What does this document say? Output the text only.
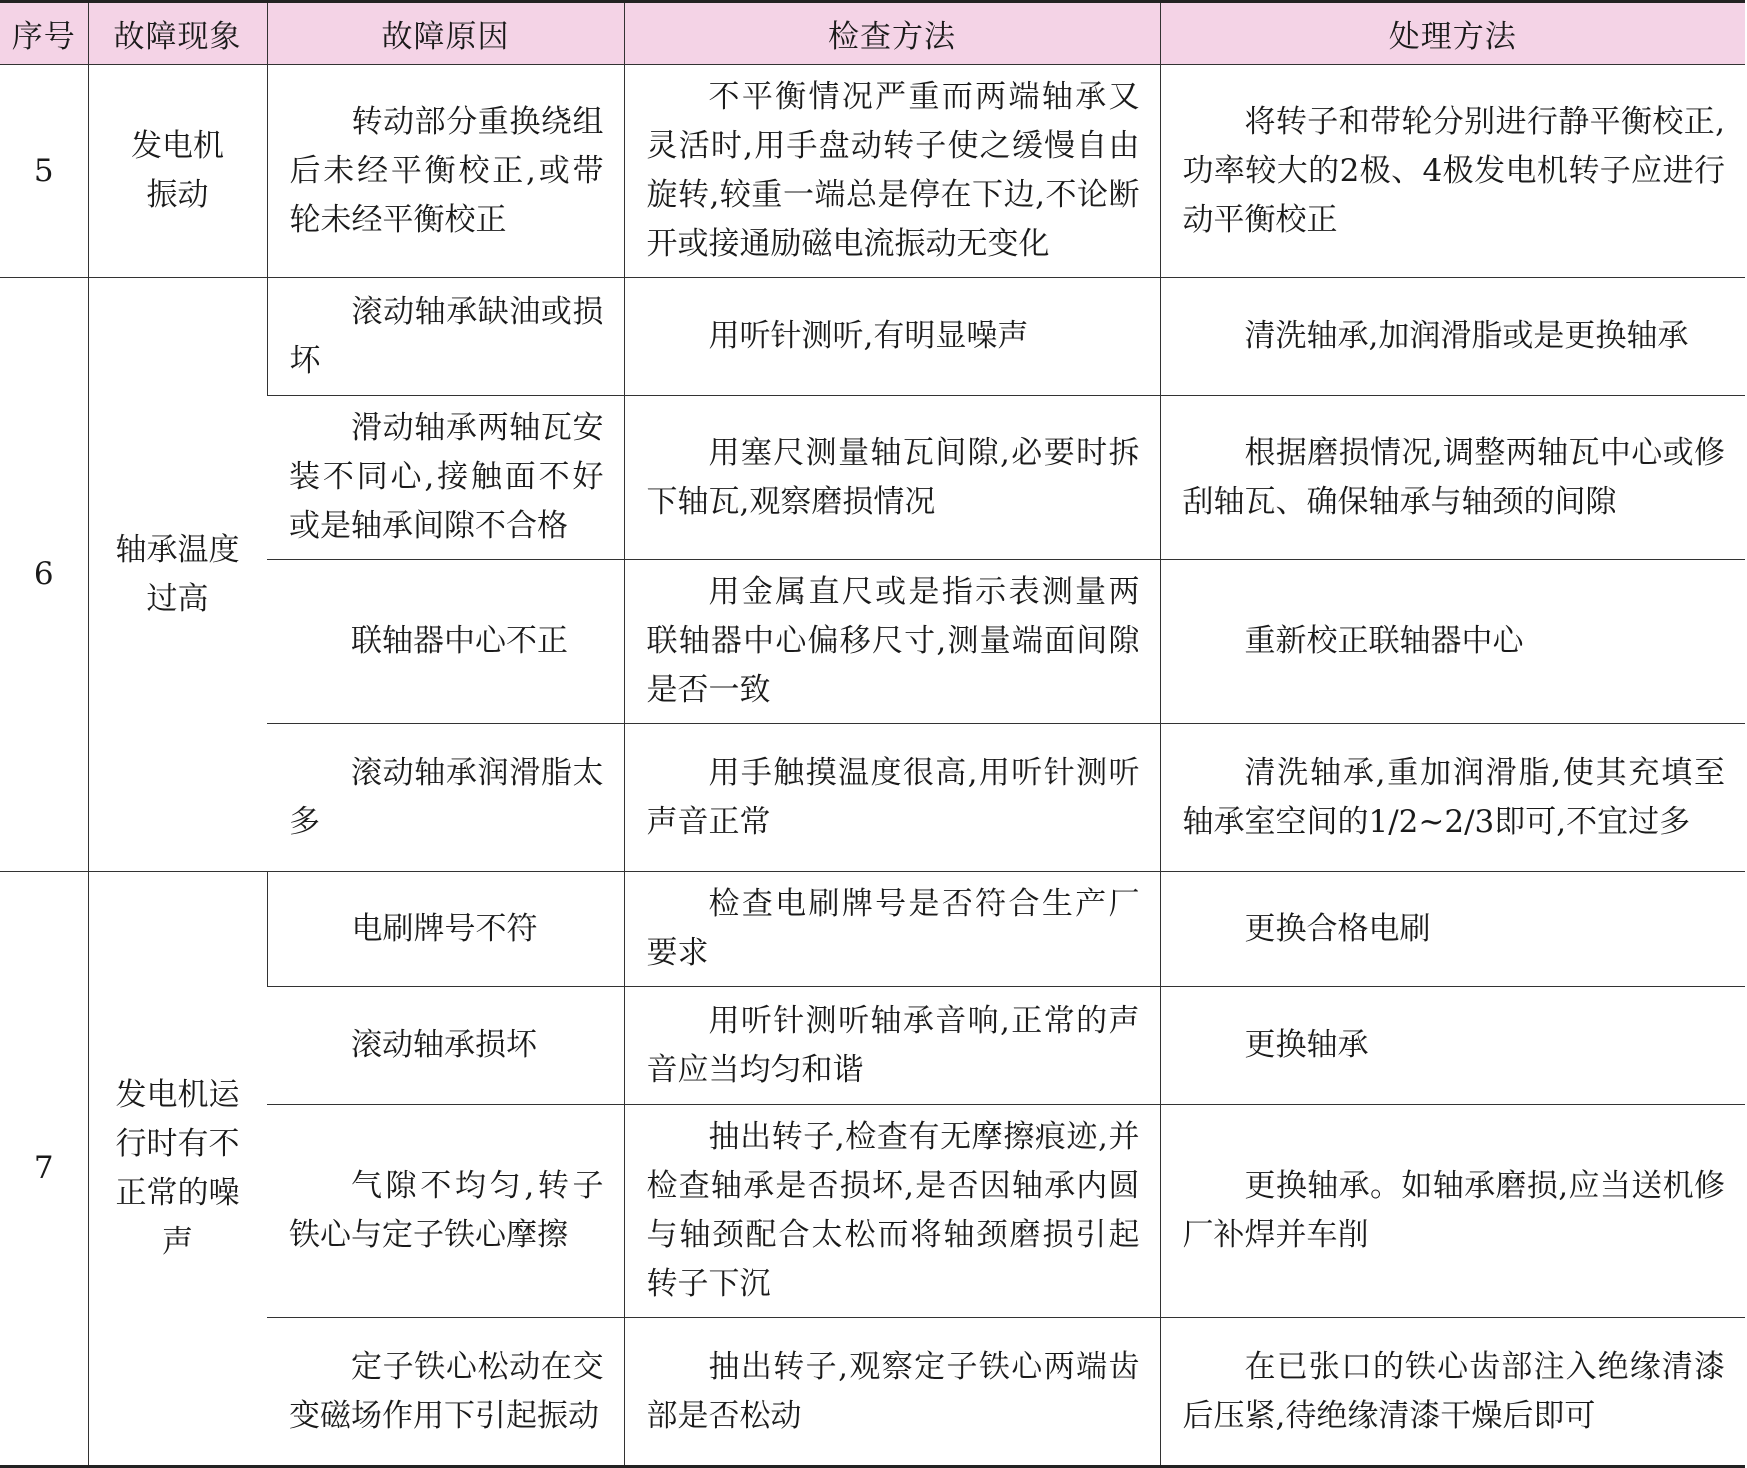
序号	故障现象	故障原因	检查方法	处理方法
5	发电机振动	转动部分重换绕组后未经平衡校正,或带轮未经平衡校正	不平衡情况严重而两端轴承又灵活时,用手盘动转子使之缓慢自由旋转,较重一端总是停在下边,不论断开或接通励磁电流振动无变化	将转子和带轮分别进行静平衡校正,功率较大的2极、4极发电机转子应进行动平衡校正
6	轴承温度过高	滚动轴承缺油或损坏	用听针测听,有明显噪声	清洗轴承,加润滑脂或是更换轴承
		滑动轴承两轴瓦安装不同心,接触面不好或是轴承间隙不合格	用塞尺测量轴瓦间隙,必要时拆下轴瓦,观察磨损情况	根据磨损情况,调整两轴瓦中心或修刮轴瓦、确保轴承与轴颈的间隙
		联轴器中心不正	用金属直尺或是指示表测量两联轴器中心偏移尺寸,测量端面间隙是否一致	重新校正联轴器中心
		滚动轴承润滑脂太多	用手触摸温度很高,用听针测听声音正常	清洗轴承,重加润滑脂,使其充填至轴承室空间的1/2~2/3即可,不宜过多
7	发电机运行时有不正常的噪声	电刷牌号不符	检查电刷牌号是否符合生产厂要求	更换合格电刷
		滚动轴承损坏	用听针测听轴承音响,正常的声音应当均匀和谐	更换轴承
		气隙不均匀,转子铁心与定子铁心摩擦	抽出转子,检查有无摩擦痕迹,并检查轴承是否损坏,是否因轴承内圆与轴颈配合太松而将轴颈磨损引起转子下沉	更换轴承。如轴承磨损,应当送机修厂补焊并车削
		定子铁心松动在交变磁场作用下引起振动	抽出转子,观察定子铁心两端齿部是否松动	在已张口的铁心齿部注入绝缘清漆后压紧,待绝缘清漆干燥后即可
